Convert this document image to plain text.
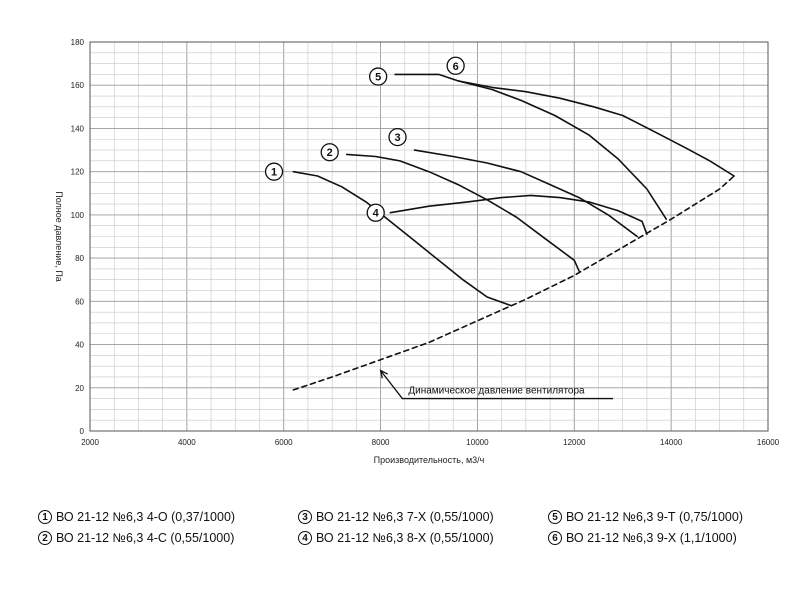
2000	4000	6000	8000	10000	12000	14000	16000
0
20
40
60
80
100
120
140
160
180
1
2
3
4
5
6
Динамическое давление вентилятора
Полное давление, Па
Производительность, м3/ч
1 ВО 21-12 №6,3 4-О (0,37/1000)	3 ВО 21-12 №6,3 7-Х (0,55/1000)	5 ВО 21-12 №6,3 9-Т (0,75/1000)
2 ВО 21-12 №6,3 4-С (0,55/1000)	4 ВО 21-12 №6,3 8-Х (0,55/1000)	6 ВО 21-12 №6,3 9-Х (1,1/1000)
